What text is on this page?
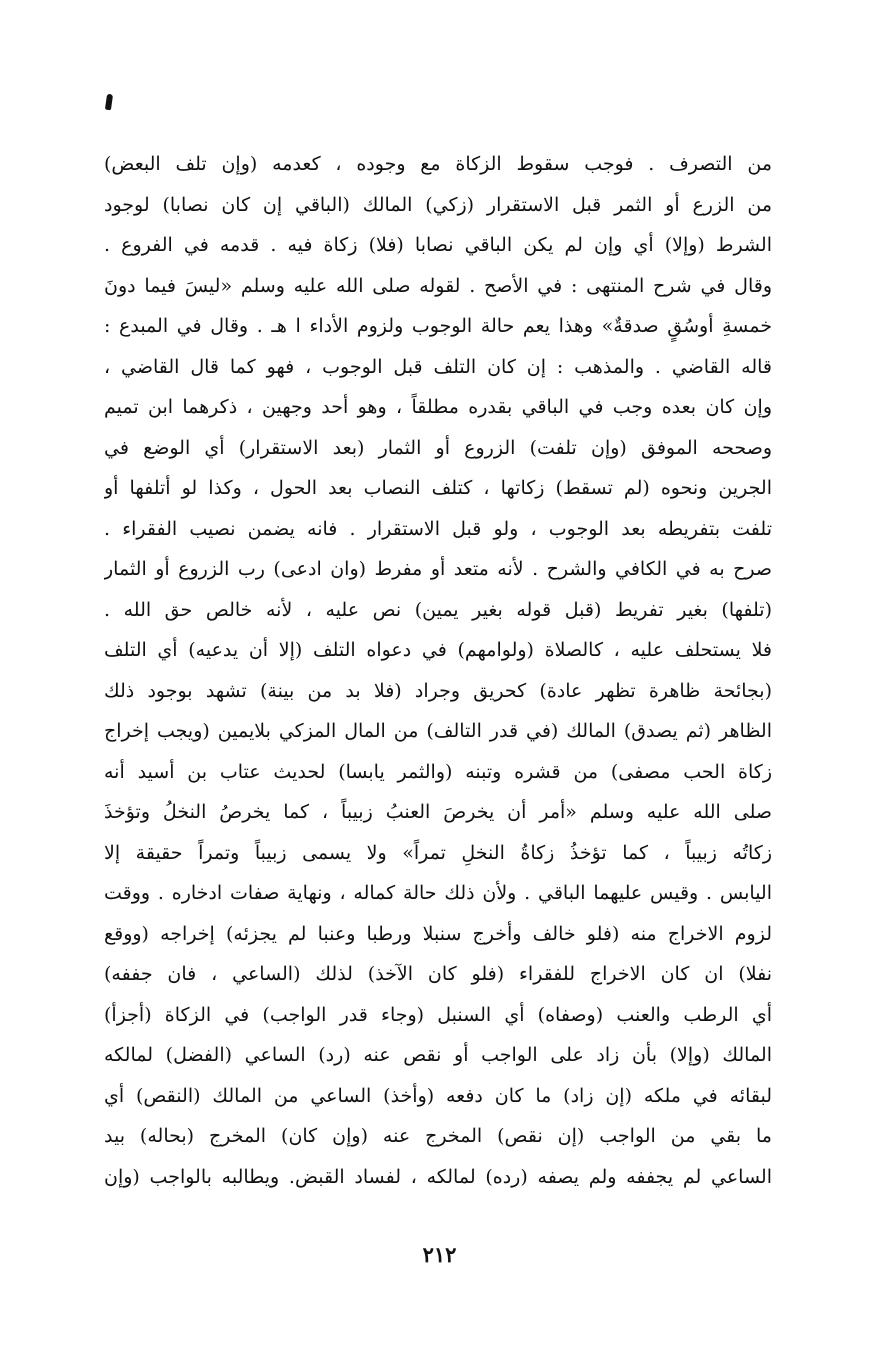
من التصرف . فوجب سقوط الزكاة مع وجوده ، كعدمه (وإن تلف البعض)
من الزرع أو الثمر قبل الاستقرار (زكي) المالك (الباقي إن كان نصابا) لوجود
الشرط (وإلا) أي وإن لم يكن الباقي نصابا (فلا) زكاة فيه . قدمه في الفروع .
وقال في شرح المنتهى : في الأصح . لقوله صلى الله عليه وسلم «ليسَ فيما دونَ
خمسةِ أوسُقٍ صدقةٌ» وهذا يعم حالة الوجوب ولزوم الأداء ا هـ . وقال في المبدع :
قاله القاضي . والمذهب : إن كان التلف قبل الوجوب ، فهو كما قال القاضي ،
وإن كان بعده وجب في الباقي بقدره مطلقاً ، وهو أحد وجهين ، ذكرهما ابن تميم
وصححه الموفق (وإن تلفت) الزروع أو الثمار (بعد الاستقرار) أي الوضع في
الجرين ونحوه (لم تسقط) زكاتها ، كتلف النصاب بعد الحول ، وكذا لو أتلفها أو
تلفت بتفريطه بعد الوجوب ، ولو قبل الاستقرار . فانه يضمن نصيب الفقراء .
صرح به في الكافي والشرح . لأنه متعد أو مفرط (وان ادعى) رب الزروع أو الثمار
(تلفها) بغير تفريط (قبل قوله بغير يمين) نص عليه ، لأنه خالص حق الله .
فلا يستحلف عليه ، كالصلاة (ولوامهم) في دعواه التلف (إلا أن يدعيه) أي التلف
(بجائحة ظاهرة تظهر عادة) كحريق وجراد (فلا بد من بينة) تشهد بوجود ذلك
الظاهر (ثم يصدق) المالك (في قدر التالف) من المال المزكي بلايمين (ويجب إخراج
زكاة الحب مصفى) من قشره وتبنه (والثمر يابسا) لحديث عتاب بن أسيد أنه
صلى الله عليه وسلم «أمر أن يخرصَ العنبُ زبيباً ، كما يخرصُ النخلُ وتؤخذَ
زكاتُه زبيباً ، كما تؤخذُ زكاةُ النخلِ تمراً» ولا يسمى زبيباً وتمراً حقيقة إلا
اليابس . وقيس عليهما الباقي . ولأن ذلك حالة كماله ، ونهاية صفات ادخاره . ووقت
لزوم الاخراج منه (فلو خالف وأخرج سنبلا ورطبا وعنبا لم يجزئه) إخراجه (ووقع
نفلا) ان كان الاخراج للفقراء (فلو كان الآخذ) لذلك (الساعي ، فان جففه)
أي الرطب والعنب (وصفاه) أي السنبل (وجاء قدر الواجب) في الزكاة (أجزأ)
المالك (وإلا) بأن زاد على الواجب أو نقص عنه (رد) الساعي (الفضل) لمالكه
لبقائه في ملكه (إن زاد) ما كان دفعه (وأخذ) الساعي من المالك (النقص) أي
ما بقي من الواجب (إن نقص) المخرج عنه (وإن كان) المخرج (بحاله) بيد
الساعي لم يجففه ولم يصفه (رده) لمالكه ، لفساد القبض. ويطالبه بالواجب (وإن
٢١٢
